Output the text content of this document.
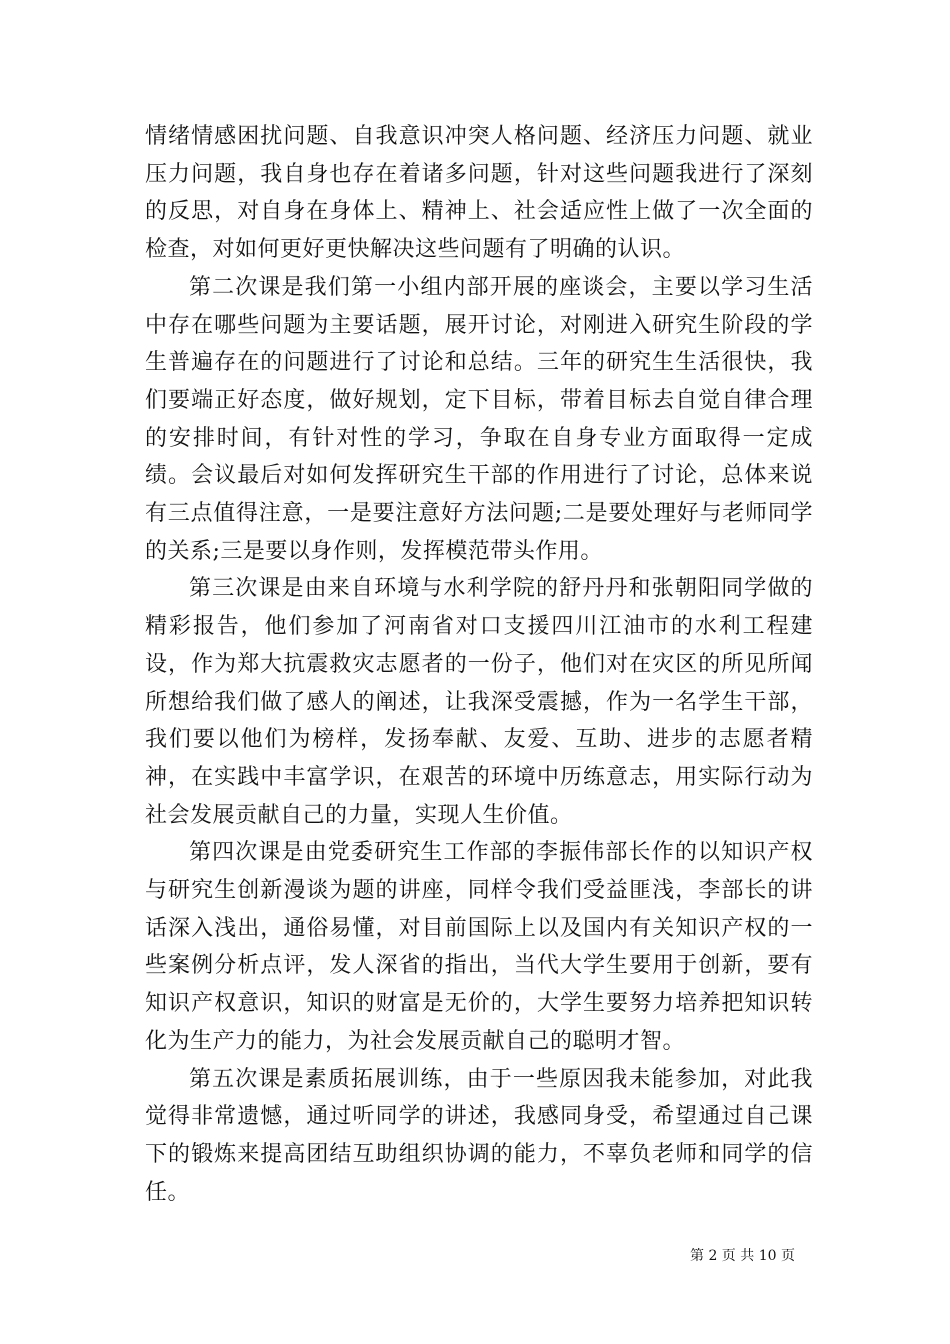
情绪情感困扰问题、自我意识冲突人格问题、经济压力问题、就业压力问题，我自身也存在着诸多问题，针对这些问题我进行了深刻的反思，对自身在身体上、精神上、社会适应性上做了一次全面的检查，对如何更好更快解决这些问题有了明确的认识。

第二次课是我们第一小组内部开展的座谈会，主要以学习生活中存在哪些问题为主要话题，展开讨论，对刚进入研究生阶段的学生普遍存在的问题进行了讨论和总结。三年的研究生生活很快，我们要端正好态度，做好规划，定下目标，带着目标去自觉自律合理的安排时间，有针对性的学习，争取在自身专业方面取得一定成绩。会议最后对如何发挥研究生干部的作用进行了讨论，总体来说有三点值得注意，一是要注意好方法问题;二是要处理好与老师同学的关系;三是要以身作则，发挥模范带头作用。

第三次课是由来自环境与水利学院的舒丹丹和张朝阳同学做的精彩报告，他们参加了河南省对口支援四川江油市的水利工程建设，作为郑大抗震救灾志愿者的一份子，他们对在灾区的所见所闻所想给我们做了感人的阐述，让我深受震撼，作为一名学生干部，我们要以他们为榜样，发扬奉献、友爱、互助、进步的志愿者精神，在实践中丰富学识，在艰苦的环境中历练意志，用实际行动为社会发展贡献自己的力量，实现人生价值。

第四次课是由党委研究生工作部的李振伟部长作的以知识产权与研究生创新漫谈为题的讲座，同样令我们受益匪浅，李部长的讲话深入浅出，通俗易懂，对目前国际上以及国内有关知识产权的一些案例分析点评，发人深省的指出，当代大学生要用于创新，要有知识产权意识，知识的财富是无价的，大学生要努力培养把知识转化为生产力的能力，为社会发展贡献自己的聪明才智。

第五次课是素质拓展训练，由于一些原因我未能参加，对此我觉得非常遗憾，通过听同学的讲述，我感同身受，希望通过自己课下的锻炼来提高团结互助组织协调的能力，不辜负老师和同学的信任。

第 2 页 共 10 页
